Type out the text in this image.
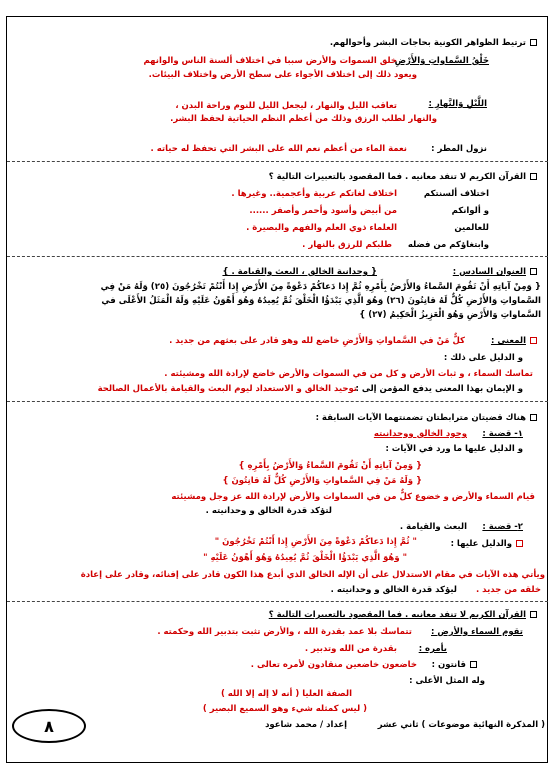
ترتيط الظواهر الكونية بحاجات البشر وأحوالهم.
خَلْقُ السَّماواتِ وَالأَرْضِ
خلق السموات والأرض سببا في اختلاف ألسنة الناس والوانهم
ويعود ذلك إلى اختلاف الأجواء على سطح الأرض واختلاف البيئات.
اللَّيْلِ وَالنَّهارِ :
تعاقب الليل والنهار ، ليجعل الليل للنوم وراحة البدن ،
والنهار لطلب الرزق وذلك من أعظم النظم الحياتية لحفظ البشر.
نزول المطر :
نعمة الماء من أعظم نعم الله على البشر التي تحفظ له حياته .
القرآن الكريم لا تنفد معانيه . فما المقصود بالتعبيرات التالية ؟
اختلاف ألسنتكم
اختلاف لغاتكم عربية وأعجمية.. وغيرها .
و ألوانكم
من أبيض وأسود وأحمر وأصفر ......
للعالمين
العلماء ذوي العلم والفهم والبصيرة .
وابتغاؤكم من فضله
طلبكم للرزق بالنهار .
العنوان السادس :
{ وحدانية الخالق ، البعث والقيامة . }
{ وَمِنْ آياتِهِ أَنْ تَقُومَ السَّماءُ وَالأَرْضُ بِأَمْرِهِ ثُمَّ إِذا دَعاكُمْ دَعْوَةً مِنَ الأَرْضِ إِذا أَنْتُمْ تَخْرُجُونَ (٢٥) وَلَهُ مَنْ فِي
السَّماواتِ وَالأَرْضِ كُلٌّ لَهُ قانِتُونَ (٢٦) وَهُوَ الَّذِي يَبْدَؤُا الْخَلْقَ ثُمَّ يُعِيدُهُ وَهُوَ أَهْوَنُ عَلَيْهِ وَلَهُ الْمَثَلُ الأَعْلَى في
السَّماواتِ وَالأَرْضِ وَهُوَ الْعَزِيزُ الْحَكِيمُ (٢٧) }
المعنى :
كلٌّ مَنْ في السَّماواتِ وَالأَرْضِ خاضع لله وهو قادر على بعثهم من جديد .
و الدليل على ذلك :
تماسك السماء ، و ثبات الأرض و كل من في السموات والأرض خاضع لإرادة الله ومشيئته .
و الإيمان بهذا المعنى يدفع المؤمن إلى :
توحيد الخالق و الاستعداد ليوم البعث والقيامة بالأعمال الصالحة
هناك قضيتان مترابطتان تضمنتهما الآيات السابقة :
١- قضية :
وجود الخالق ووحدانيته
و الدليل عليها ما ورد في الآيات :
{ وَمِنْ آياتِهِ أَنْ تَقُومَ السَّماءُ وَالأَرْضُ بِأَمْرِهِ }
{ وَلَهُ مَنْ فِي السَّماواتِ وَالأَرْضِ كُلٌّ لَهُ قانِتُونَ }
قيام السماء والأرض و خضوع كلٌّ من في السماوات والأرض لإرادة الله عز وجل ومشيئته
لتؤكد قدرة الخالق و وحدانيته .
٢- قضية :
البعث والقيامة .
والدليل عليها :
" ثُمَّ إِذا دَعاكُمْ دَعْوَةً مِنَ الأَرْضِ إِذا أَنْتُمْ تَخْرُجُونَ "
" وَهُوَ الَّذِي يَبْدَؤُا الْخَلْقَ ثُمَّ يُعِيدُهُ وَهُوَ أَهْوَنُ عَلَيْهِ "
ويأتي هذه الآيات في مقام الاستدلال على أن الإله الخالق الذي أبدع هذا الكون قادر على إفنائه، وقادر على إعادة
خلقه من جديد .
ليؤكد قدرة الخالق و وحدانيته .
القرآن الكريم لا تنفد معانيه . فما المقصود بالتعبيرات التالية ؟
تقوم السماء والأرض :
تتماسك بلا عمد بقدرة الله ، والأرض تثبت بتدبير الله وحكمته .
بأمره :
بقدرة من الله وتدبير .
قانتون :
خاضعون خاضعين منقادون لأمره تعالى .
وله المثل الأعلى :
الصفة العليا ( أنه لا إله إلا الله )
( ليس كمثله شيء وهو السميع البصير )
٨	( المذكرة النهائية موضوعات ) ثاني عشر
إعداد / محمد شاعود
